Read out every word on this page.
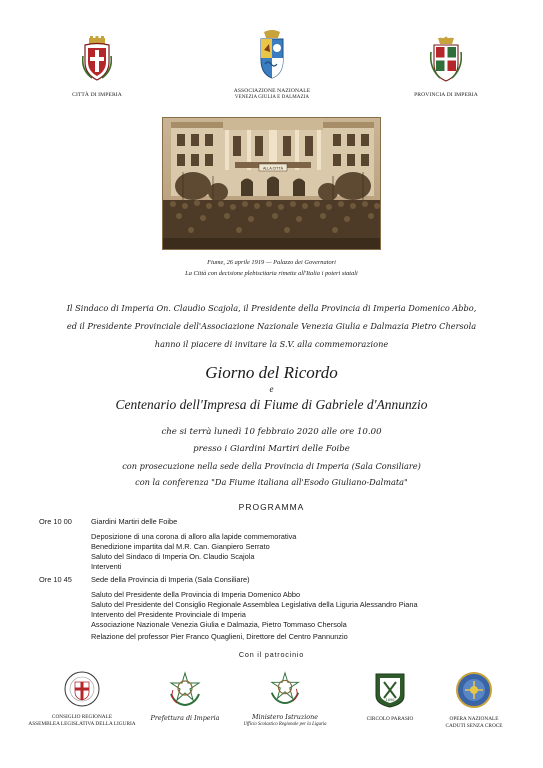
CITTÀ DI IMPERIA
ASSOCIAZIONE NAZIONALE
VENEZIA GIULIA E DALMAZIA	PROVINCIA DI IMPERIA
ALLA CITTÀ
Fiume, 26 aprile 1919 — Palazzo dei Governatori
La Città con decisione plebiscitaria rimette all'Italia i poteri statali
Il Sindaco di Imperia On. Claudio Scajola, il Presidente della Provincia di Imperia Domenico Abbo,
ed il Presidente Provinciale dell'Associazione Nazionale Venezia Giulia e Dalmazia Pietro Chersola
hanno il piacere di invitare la S.V. alla commemorazione
Giorno del Ricordo
e
Centenario dell'Impresa di Fiume di Gabriele d'Annunzio
che si terrà lunedì 10 febbraio 2020 alle ore 10.00
presso i Giardini Martiri delle Foibe
con prosecuzione nella sede della Provincia di Imperia (Sala Consiliare)
con la conferenza "Da Fiume italiana all'Esodo Giuliano-Dalmata"
PROGRAMMA
Ore 10 00	Giardini Martiri delle Foibe
Deposizione di una corona di alloro alla lapide commemorativa
Benedizione impartita dal M.R. Can. Gianpiero Serrato
Saluto del Sindaco di Imperia On. Claudio Scajola
Interventi
Ore 10 45	Sede della Provincia di Imperia (Sala Consiliare)
Saluto del Presidente della Provincia di Imperia Domenico Abbo
Saluto del Presidente del Consiglio Regionale Assemblea Legislativa della Liguria Alessandro Piana
Intervento del Presidente Provinciale di Imperia
Associazione Nazionale Venezia Giulia e Dalmazia, Pietro Tommaso Chersola
Relazione del professor Pier Franco Quaglieni, Direttore del Centro Pannunzio
Con il patrocinio
CONSIGLIO REGIONALE
ASSEMBLEA LEGISLATIVA DELLA LIGURIA
Prefettura di Imperia	Ministero Istruzione
Ufficio Scolastico Regionale per la Liguria
1896
CIRCOLO PARASIO	OPERA NAZIONALE
CADUTI SENZA CROCE
